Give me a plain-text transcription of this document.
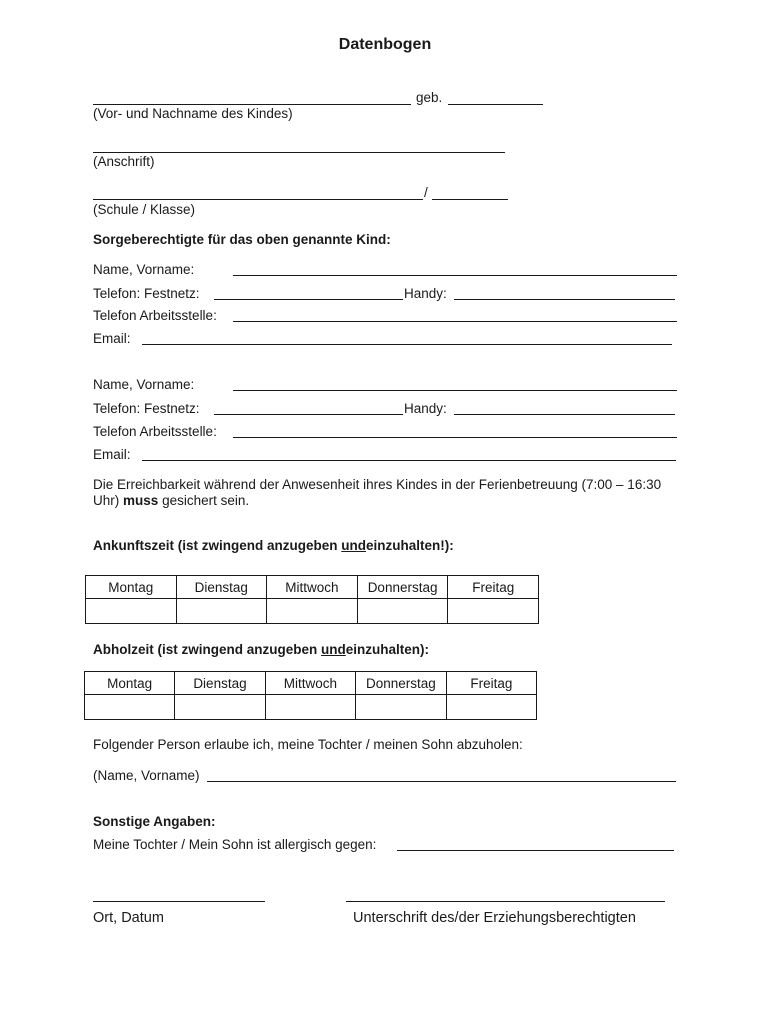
Datenbogen
geb.
(Vor- und Nachname des Kindes)
(Anschrift)
/
(Schule / Klasse)
Sorgeberechtigte für das oben genannte Kind:
Name, Vorname:
Telefon: Festnetz:	Handy:
Telefon Arbeitsstelle:
Email:
Name, Vorname:
Telefon: Festnetz:	Handy:
Telefon Arbeitsstelle:
Email:
Die Erreichbarkeit während der Anwesenheit ihres Kindes in der Ferienbetreuung (7:00 – 16:30 Uhr) muss gesichert sein.
Ankunftszeit (ist zwingend anzugeben undeinzuhalten!):
Montag	Dienstag	Mittwoch	Donnerstag	Freitag

Abholzeit (ist zwingend anzugeben undeinzuhalten):
Montag	Dienstag	Mittwoch	Donnerstag	Freitag

Folgender Person erlaube ich, meine Tochter / meinen Sohn abzuholen:
(Name, Vorname)
Sonstige Angaben:
Meine Tochter / Mein Sohn ist allergisch gegen:
Ort, Datum	Unterschrift des/der Erziehungsberechtigten
